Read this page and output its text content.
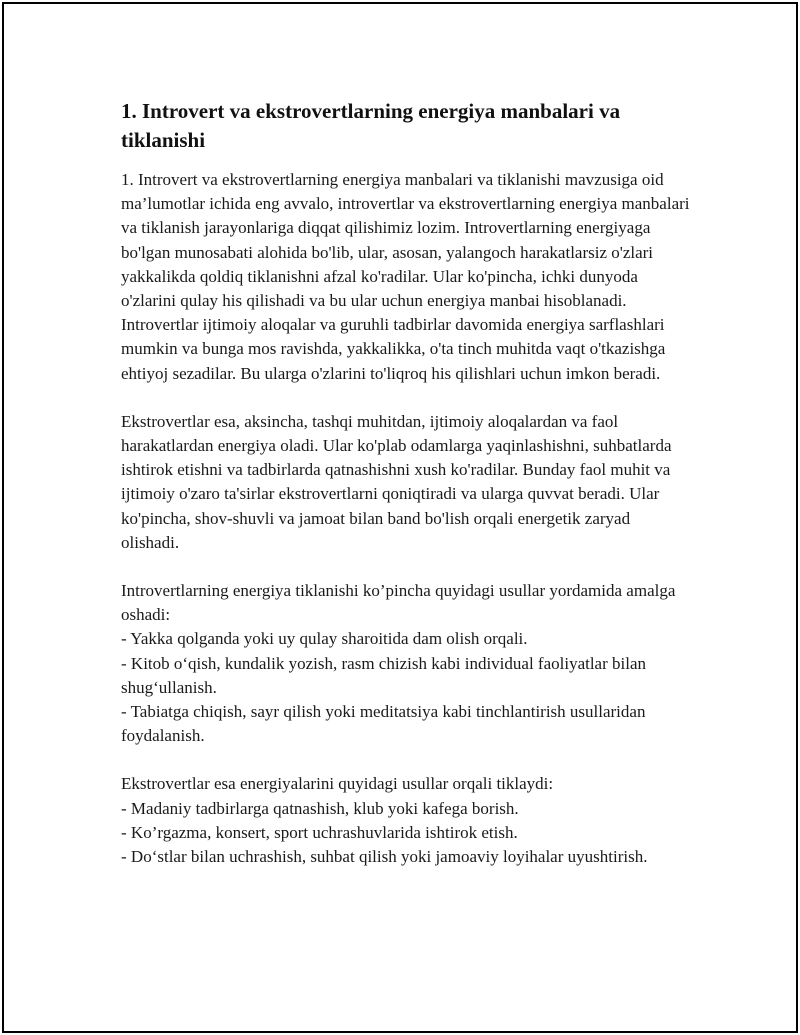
1. Introvert va ekstrovertlarning energiya manbalari va tiklanishi

1. Introvert va ekstrovertlarning energiya manbalari va tiklanishi mavzusiga oid ma’lumotlar ichida eng avvalo, introvertlar va ekstrovertlarning energiya manbalari va tiklanish jarayonlariga diqqat qilishimiz lozim. Introvertlarning energiyaga bo'lgan munosabati alohida bo'lib, ular, asosan, yalangoch harakatlarsiz o'zlari yakkalikda qoldiq tiklanishni afzal ko'radilar. Ular ko'pincha, ichki dunyoda o'zlarini qulay his qilishadi va bu ular uchun energiya manbai hisoblanadi. Introvertlar ijtimoiy aloqalar va guruhli tadbirlar davomida energiya sarflashlari mumkin va bunga mos ravishda, yakkalikka, o'ta tinch muhitda vaqt o'tkazishga ehtiyoj sezadilar. Bu ularga o'zlarini to'liqroq his qilishlari uchun imkon beradi.

Ekstrovertlar esa, aksincha, tashqi muhitdan, ijtimoiy aloqalardan va faol harakatlardan energiya oladi. Ular ko'plab odamlarga yaqinlashishni, suhbatlarda ishtirok etishni va tadbirlarda qatnashishni xush ko'radilar. Bunday faol muhit va ijtimoiy o'zaro ta'sirlar ekstrovertlarni qoniqtiradi va ularga quvvat beradi. Ular ko'pincha, shov-shuvli va jamoat bilan band bo'lish orqali energetik zaryad olishadi.

Introvertlarning energiya tiklanishi ko’pincha quyidagi usullar yordamida amalga oshadi:

- Yakka qolganda yoki uy qulay sharoitida dam olish orqali.

- Kitob o‘qish, kundalik yozish, rasm chizish kabi individual faoliyatlar bilan shug‘ullanish.

- Tabiatga chiqish, sayr qilish yoki meditatsiya kabi tinchlantirish usullaridan foydalanish.

Ekstrovertlar esa energiyalarini quyidagi usullar orqali tiklaydi:

- Madaniy tadbirlarga qatnashish, klub yoki kafega borish.

- Ko’rgazma, konsert, sport uchrashuvlarida ishtirok etish.

- Do‘stlar bilan uchrashish, suhbat qilish yoki jamoaviy loyihalar uyushtirish.
